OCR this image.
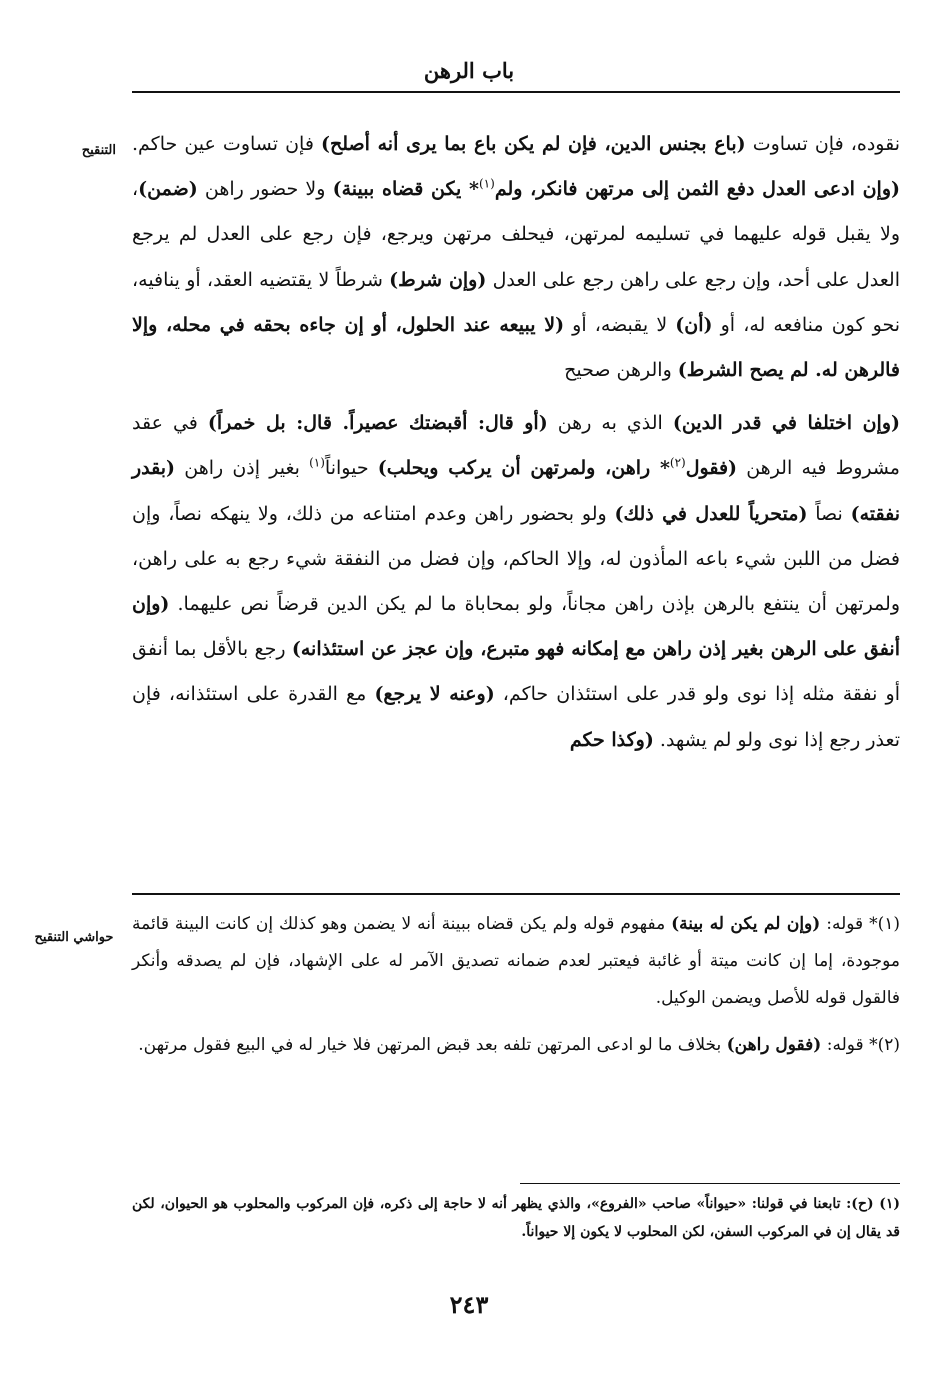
باب الرهن
التنقيح	نقوده، فإن تساوت (باع بجنس الدين، فإن لم يكن باع بما يرى أنه أصلح) فإن تساوت عين حاكم. (وإن ادعى العدل دفع الثمن إلى مرتهن فانكر، ولم$^{(١)}$* يكن قضاه ببينة) ولا حضور راهن (ضمن)، ولا يقبل قوله عليهما في تسليمه لمرتهن، فيحلف مرتهن ويرجع، فإن رجع على العدل لم يرجع العدل على أحد، وإن رجع على راهن رجع على العدل (وإن شرط) شرطاً لا يقتضيه العقد، أو ينافيه، نحو كون منافعه له، أو (أن) لا يقبضه، أو (لا يبيعه عند الحلول، أو إن جاءه بحقه في محله، وإلا فالرهن له. لم يصح الشرط) والرهن صحيح

(وإن اختلفا في قدر الدين) الذي به رهن (أو قال: أقبضتك عصيراً. قال: بل خمراً) في عقد مشروط فيه الرهن (فقول$^{(٢)}$* راهن، ولمرتهن أن يركب ويحلب) حيواناً$^{(١)}$ بغير إذن راهن (بقدر نفقته) نصاً (متحرياً للعدل في ذلك) ولو بحضور راهن وعدم امتناعه من ذلك، ولا ينهكه نصاً، وإن فضل من اللبن شيء باعه المأذون له، وإلا الحاكم، وإن فضل من النفقة شيء رجع به على راهن، ولمرتهن أن ينتفع بالرهن بإذن راهن مجاناً، ولو بمحاباة ما لم يكن الدين قرضاً نص عليهما. (وإن أنفق على الرهن بغير إذن راهن مع إمكانه فهو متبرع، وإن عجز عن استئذانه) رجع بالأقل بما أنفق أو نفقة مثله إذا نوى ولو قدر على استئذان حاكم، (وعنه لا يرجع) مع القدرة على استئذانه، فإن تعذر رجع إذا نوى ولو لم يشهد. (وكذا حكم

حواشي التنقيح

(١)* قوله: (وإن لم يكن له بينة) مفهوم قوله ولم يكن قضاه ببينة أنه لا يضمن وهو كذلك إن كانت البينة قائمة موجودة، إما إن كانت ميتة أو غائبة فيعتبر لعدم ضمانه تصديق الآمر له على الإشهاد، فإن لم يصدقه وأنكر فالقول قوله للأصل ويضمن الوكيل.

(٢)* قوله: (فقول راهن) بخلاف ما لو ادعى المرتهن تلفه بعد قبض المرتهن فلا خيار له في البيع فقول مرتهن.

(١) (ح): تابعنا في قولنا: «حيواناً» صاحب «الفروع»، والذي يظهر أنه لا حاجة إلى ذكره، فإن المركوب والمحلوب هو الحيوان، لكن قد يقال إن في المركوب السفن، لكن المحلوب لا يكون إلا حيواناً.
٢٤٣
